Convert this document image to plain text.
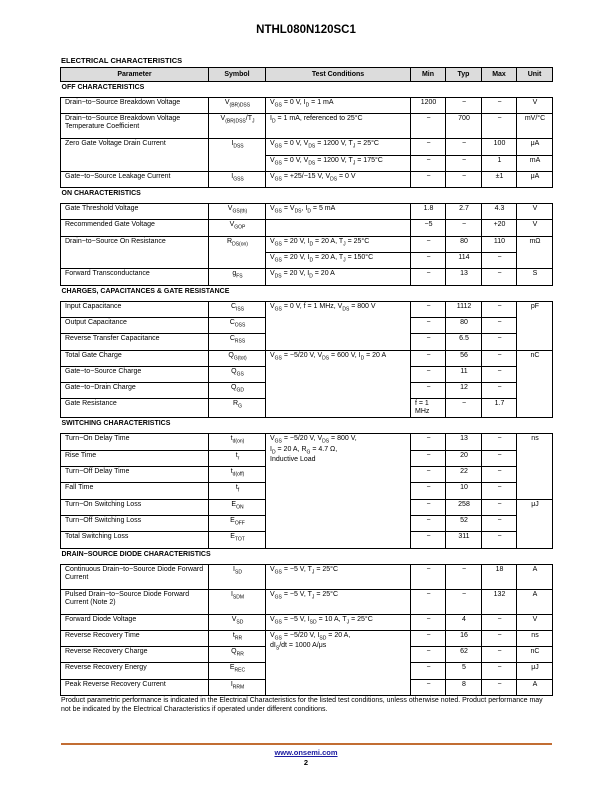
NTHL080N120SC1
ELECTRICAL CHARACTERISTICS
Parameter	Symbol	Test Conditions	Min	Typ	Max	Unit	
OFF CHARACTERISTICS							
Drain−to−Source Breakdown Voltage	$V_{(BR)DSS}$	$V_{GS} = 0$ V, $I_D = 1$ mA	1200	−	−	V	
Drain−to−Source Breakdown Voltage Temperature Coefficient	$V_{(BR)DSS}/T_J$	$I_D = 1$ mA, referenced to 25°C	−	700	−	mV/°C	
Zero Gate Voltage Drain Current	$I_{DSS}$	$V_{GS} = 0$ V, $V_{DS} = 1200$ V, $T_J = 25^\circ C$	−	−	100	μA	
		$V_{GS} = 0$ V, $V_{DS} = 1200$ V, $T_J = 175^\circ C$	−	−	1	mA	
Gate−to−Source Leakage Current	$I_{GSS}$	$V_{GS} = +25/-15$ V, $V_{DS} = 0$ V	−	−	±1	μA	
ON CHARACTERISTICS							
Gate Threshold Voltage	$V_{GS(th)}$	$V_{GS} = V_{DS}$, $I_D = 5$ mA	1.8	2.7	4.3	V	
Recommended Gate Voltage	$V_{GOP}$		−5	−	+20	V	
Drain−to−Source On Resistance	$R_{DS(on)}$	$V_{GS} = 20$ V, $I_D = 20$ A, $T_J = 25^\circ C$	−	80	110	mΩ	
		$V_{GS} = 20$ V, $I_D = 20$ A, $T_J = 150^\circ C$	−	114	−		
Forward Transconductance	$g_{FS}$	$V_{DS} = 20$ V, $I_D = 20$ A	−	13	−	S	
CHARGES, CAPACITANCES & GATE RESISTANCE							
Input Capacitance	$C_{ISS}$	$V_{GS} = 0$ V, f = 1 MHz, $V_{DS} = 800$ V	−	1112	−	pF	
Output Capacitance	$C_{OSS}$		−	80	−		
Reverse Transfer Capacitance	$C_{RSS}$		−	6.5	−		
Total Gate Charge	$Q_{G(tot)}$	$V_{GS} = -5/20$ V, $V_{DS} = 600$ V, $I_D = 20$ A	−	56	−	nC	
Gate−to−Source Charge	$Q_{GS}$		−	11	−		
Gate−to−Drain Charge	$Q_{GD}$		−	12	−		
Gate Resistance	$R_G$		f = 1 MHz	−	1.7		
SWITCHING CHARACTERISTICS							
Turn−On Delay Time	$t_{d(on)}$	$V_{GS} = -5/20$ V, $V_{DS} = 800$ V,
$I_D = 20$ A, $R_G = 4.7$ Ω,
Inductive Load	−	13	−	ns	
Rise Time	$t_r$		−	20	−		
Turn−Off Delay Time	$t_{d(off)}$		−	22	−		
Fall Time	$t_f$		−	10	−		
Turn−On Switching Loss	$E_{ON}$		−	258	−	μJ	
Turn−Off Switching Loss	$E_{OFF}$		−	52	−		
Total Switching Loss	$E_{TOT}$		−	311	−		
DRAIN−SOURCE DIODE CHARACTERISTICS							
Continuous Drain−to−Source Diode Forward Current	$I_{SD}$	$V_{GS} = -5$ V, $T_J = 25^\circ C$	−	−	18	A	
Pulsed Drain−to−Source Diode Forward Current (Note 2)	$I_{SDM}$	$V_{GS} = -5$ V, $T_J = 25^\circ C$	−	−	132	A	
Forward Diode Voltage	$V_{SD}$	$V_{GS} = -5$ V, $I_{SD} = 10$ A, $T_J = 25^\circ C$	−	4	−	V	
Reverse Recovery Time	$t_{RR}$	$V_{GS} = -5/20$ V, $I_{SD} = 20$ A,
$dI_S/dt = 1000$ A/μs	−	16	−	ns	
Reverse Recovery Charge	$Q_{RR}$		−	62	−	nC	
Reverse Recovery Energy	$E_{REC}$		−	5	−	μJ	
Peak Reverse Recovery Current	$I_{RRM}$		−	8	−	A	
Product parametric performance is indicated in the Electrical Characteristics for the listed test conditions, unless otherwise noted. Product performance may not be indicated by the Electrical Characteristics if operated under different conditions.
www.onsemi.com
2
